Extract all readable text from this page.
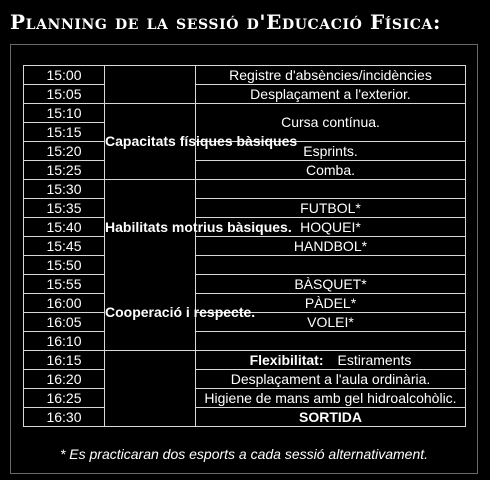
Planning de la sessió d'Educació Física:
15:00		Registre d'absències/incidències
15:05		Desplaçament a l'exterior.
15:10	Capacitats físiques bàsiques	Cursa contínua.
15:15		
15:20		Esprints.
15:25		Comba.
15:30	Habilitats motrius bàsiques.	
15:35		FUTBOL*
15:40		HOQUEI*
15:45		HANDBOL*
15:50		
15:55	Cooperació i respecte.	BÀSQUET*
16:00		PÀDEL*
16:05		VOLEI*
16:10		
16:15		Flexibilitat: Estiraments
16:20		Desplaçament a l'aula ordinària.
16:25		Higiene de mans amb gel hidroalcohòlic.
16:30		SORTIDA
* Es practicaran dos esports a cada sessió alternativament.
